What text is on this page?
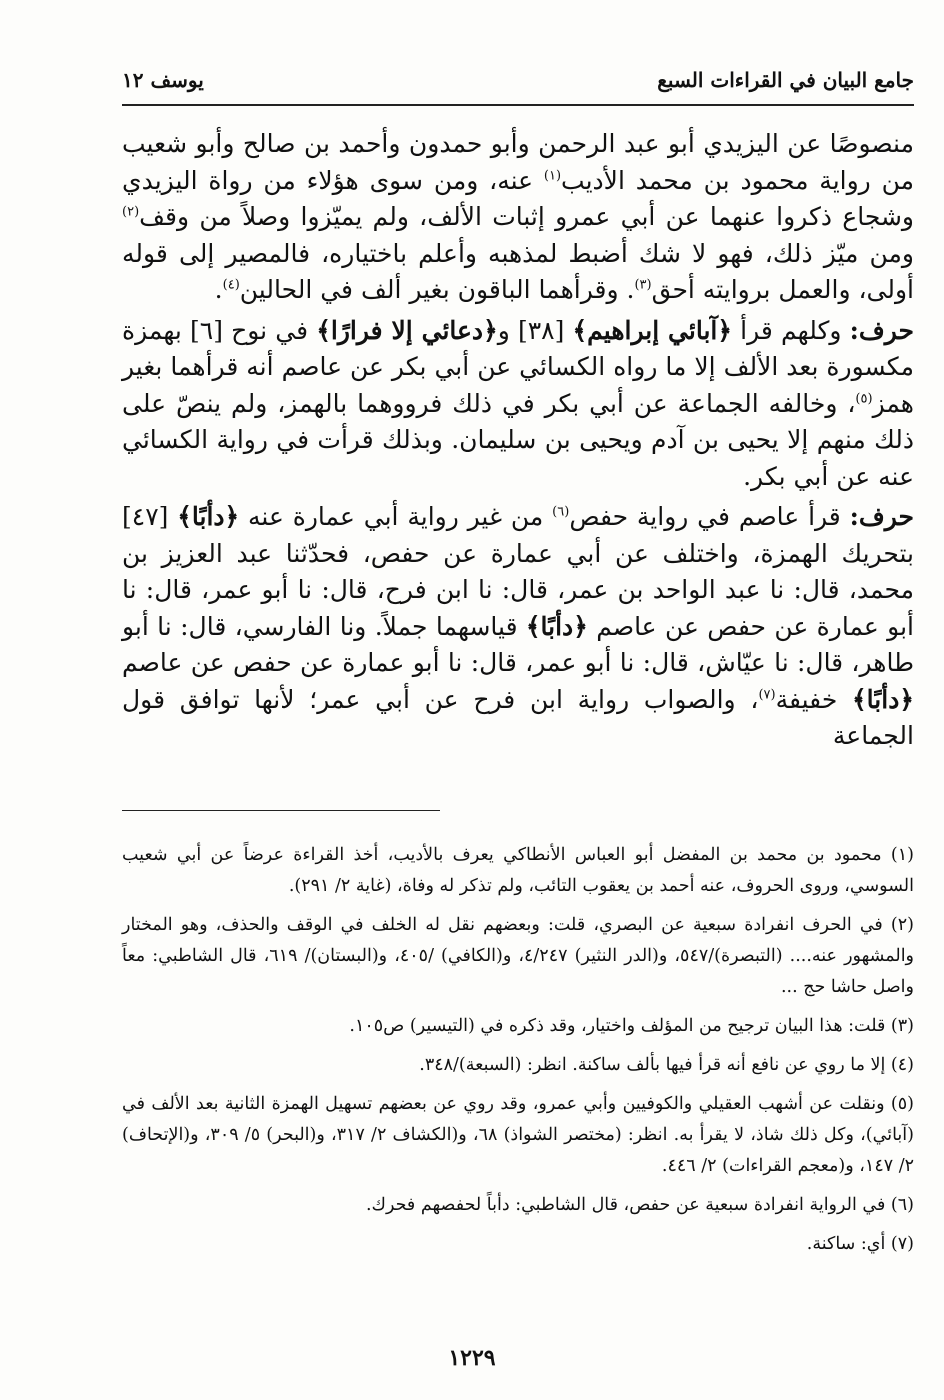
جامع البيان في القراءات السبع
يوسف ١٢

منصوصًا عن اليزيدي أبو عبد الرحمن وأبو حمدون وأحمد بن صالح وأبو شعيب من رواية محمود بن محمد الأديب$^{(١)}$ عنه، ومن سوى هؤلاء من رواة اليزيدي وشجاع ذكروا عنهما عن أبي عمرو إثبات الألف، ولم يميّزوا وصلاً من وقف$^{(٢)}$ ومن ميّز ذلك، فهو لا شك أضبط لمذهبه وأعلم باختياره، فالمصير إلى قوله أولى، والعمل بروايته أحق$^{(٣)}$. وقرأهما الباقون بغير ألف في الحالين$^{(٤)}$.

حرف: وكلهم قرأ ﴿آبائي إبراهيم﴾ [٣٨] و﴿دعائي إلا فرارًا﴾ في نوح [٦] بهمزة مكسورة بعد الألف إلا ما رواه الكسائي عن أبي بكر عن عاصم أنه قرأهما بغير همز$^{(٥)}$، وخالفه الجماعة عن أبي بكر في ذلك فرووهما بالهمز، ولم ينصّ على ذلك منهم إلا يحيى بن آدم ويحيى بن سليمان. وبذلك قرأت في رواية الكسائي عنه عن أبي بكر.

حرف: قرأ عاصم في رواية حفص$^{(٦)}$ من غير رواية أبي عمارة عنه ﴿دأبًا﴾ [٤٧] بتحريك الهمزة، واختلف عن أبي عمارة عن حفص، فحدّثنا عبد العزيز بن محمد، قال: نا عبد الواحد بن عمر، قال: نا ابن فرح، قال: نا أبو عمر، قال: نا أبو عمارة عن حفص عن عاصم ﴿دأبًا﴾ قياسهما جملاً. ونا الفارسي، قال: نا أبو طاهر، قال: نا عيّاش، قال: نا أبو عمر، قال: نا أبو عمارة عن حفص عن عاصم ﴿دأبًا﴾ خفيفة$^{(٧)}$، والصواب رواية ابن فرح عن أبي عمر؛ لأنها توافق قول الجماعة

(١) محمود بن محمد بن المفضل أبو العباس الأنطاكي يعرف بالأديب، أخذ القراءة عرضاً عن أبي شعيب السوسي، وروى الحروف، عنه أحمد بن يعقوب التائب، ولم تذكر له وفاة، (غاية ٢/ ٢٩١).

(٢) في الحرف انفرادة سبعية عن البصري، قلت: وبعضهم نقل له الخلف في الوقف والحذف، وهو المختار والمشهور عنه.... (التبصرة)/٥٤٧، و(الدر النثير) ٤/٢٤٧، و(الكافي) /٤٠٥، و(البستان)/ ٦١٩، قال الشاطبي: معاً واصل حاشا حج ...

(٣) قلت: هذا البيان ترجيح من المؤلف واختيار، وقد ذكره في (التيسير) ص١٠٥.

(٤) إلا ما روي عن نافع أنه قرأ فيها بألف ساكنة. انظر: (السبعة)/٣٤٨.

(٥) ونقلت عن أشهب العقيلي والكوفيين وأبي عمرو، وقد روي عن بعضهم تسهيل الهمزة الثانية بعد الألف في (آبائي)، وكل ذلك شاذ، لا يقرأ به. انظر: (مختصر الشواذ) ٦٨، و(الكشاف ٢/ ٣١٧، و(البحر) ٥/ ٣٠٩، و(الإتحاف) ٢/ ١٤٧، و(معجم القراءات) ٢/ ٤٤٦.

(٦) في الرواية انفرادة سبعية عن حفص، قال الشاطبي: دأباً لحفصهم فحرك.

(٧) أي: ساكنة.

١٢٢٩
